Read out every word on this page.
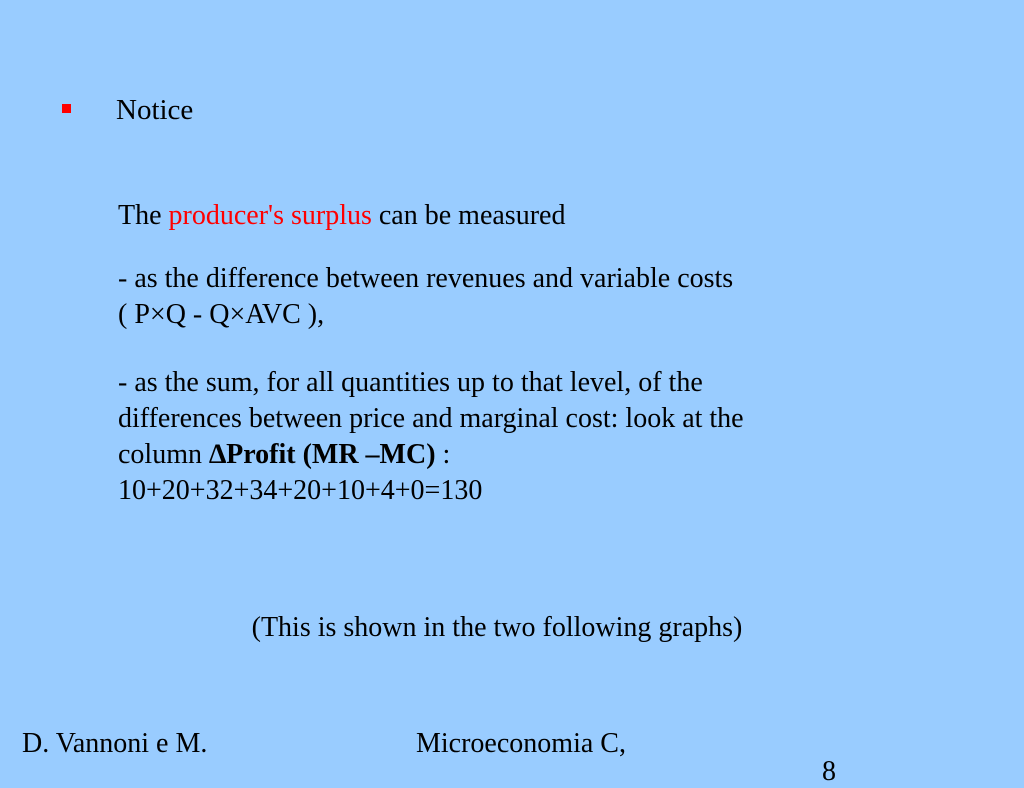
Notice
The producer's surplus can be measured
- as the difference between revenues and variable costs
( P×Q - Q×AVC ),
- as the sum, for all quantities up to that level, of the
differences between price and marginal cost: look at the
column ∆Profit (MR –MC) :
10+20+32+34+20+10+4+0=130
(This is shown in the two following graphs)
D. Vannoni e M.	Microeconomia C,
8
